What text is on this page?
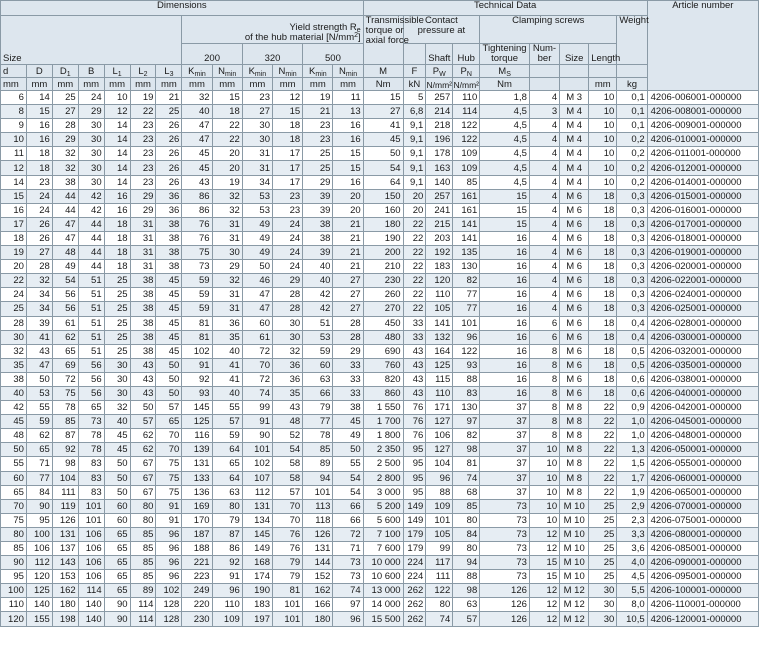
Dimensions													Technical Data									Article number
Size							Yield strength $R_e$
of the hub material $[N/mm^2]$						Transmissible
torque or
axial force	Contact
pressure at			Clamping screws				Weight	
							200		320		500				Shaft	Hub	Tightening
torque	Num-
ber	Size	Length		
d	D	$D_1$	B	$L_1$	$L_2$	$L_3$	$K_{min}$	$N_{min}$	$K_{min}$	$N_{min}$	$K_{min}$	$N_{min}$	M	F	$P_W$	$P_N$	$M_S$				
mm	mm	mm	mm	mm	mm	mm	mm	mm	mm	mm	mm	mm	Nm	kN	N/mm²	N/mm²	Nm			mm	kg	
6	14	25	24	10	19	21	32	15	23	12	19	11	15	5	257	110	1,8	4	M 3	10	0,1	4206-006001-000000
8	15	27	29	12	22	25	40	18	27	15	21	13	27	6,8	214	114	4,5	3	M 4	10	0,1	4206-008001-000000
9	16	28	30	14	23	26	47	22	30	18	23	16	41	9,1	218	122	4,5	4	M 4	10	0,1	4206-009001-000000
10	16	29	30	14	23	26	47	22	30	18	23	16	45	9,1	196	122	4,5	4	M 4	10	0,2	4206-010001-000000
11	18	32	30	14	23	26	45	20	31	17	25	15	50	9,1	178	109	4,5	4	M 4	10	0,2	4206-011001-000000
12	18	32	30	14	23	26	45	20	31	17	25	15	54	9,1	163	109	4,5	4	M 4	10	0,2	4206-012001-000000
14	23	38	30	14	23	26	43	19	34	17	29	16	64	9,1	140	85	4,5	4	M 4	10	0,2	4206-014001-000000
15	24	44	42	16	29	36	86	32	53	23	39	20	150	20	257	161	15	4	M 6	18	0,3	4206-015001-000000
16	24	44	42	16	29	36	86	32	53	23	39	20	160	20	241	161	15	4	M 6	18	0,3	4206-016001-000000
17	26	47	44	18	31	38	76	31	49	24	38	21	180	22	215	141	15	4	M 6	18	0,3	4206-017001-000000
18	26	47	44	18	31	38	76	31	49	24	38	21	190	22	203	141	16	4	M 6	18	0,3	4206-018001-000000
19	27	48	44	18	31	38	75	30	49	24	39	21	200	22	192	135	16	4	M 6	18	0,3	4206-019001-000000
20	28	49	44	18	31	38	73	29	50	24	40	21	210	22	183	130	16	4	M 6	18	0,3	4206-020001-000000
22	32	54	51	25	38	45	59	32	46	29	40	27	230	22	120	82	16	4	M 6	18	0,3	4206-022001-000000
24	34	56	51	25	38	45	59	31	47	28	42	27	260	22	110	77	16	4	M 6	18	0,3	4206-024001-000000
25	34	56	51	25	38	45	59	31	47	28	42	27	270	22	105	77	16	4	M 6	18	0,3	4206-025001-000000
28	39	61	51	25	38	45	81	36	60	30	51	28	450	33	141	101	16	6	M 6	18	0,4	4206-028001-000000
30	41	62	51	25	38	45	81	35	61	30	53	28	480	33	132	96	16	6	M 6	18	0,4	4206-030001-000000
32	43	65	51	25	38	45	102	40	72	32	59	29	690	43	164	122	16	8	M 6	18	0,5	4206-032001-000000
35	47	69	56	30	43	50	91	41	70	36	60	33	760	43	125	93	16	8	M 6	18	0,5	4206-035001-000000
38	50	72	56	30	43	50	92	41	72	36	63	33	820	43	115	88	16	8	M 6	18	0,6	4206-038001-000000
40	53	75	56	30	43	50	93	40	74	35	66	33	860	43	110	83	16	8	M 6	18	0,6	4206-040001-000000
42	55	78	65	32	50	57	145	55	99	43	79	38	1 550	76	171	130	37	8	M 8	22	0,9	4206-042001-000000
45	59	85	73	40	57	65	125	57	91	48	77	45	1 700	76	127	97	37	8	M 8	22	1,0	4206-045001-000000
48	62	87	78	45	62	70	116	59	90	52	78	49	1 800	76	106	82	37	8	M 8	22	1,0	4206-048001-000000
50	65	92	78	45	62	70	139	64	101	54	85	50	2 350	95	127	98	37	10	M 8	22	1,3	4206-050001-000000
55	71	98	83	50	67	75	131	65	102	58	89	55	2 500	95	104	81	37	10	M 8	22	1,5	4206-055001-000000
60	77	104	83	50	67	75	133	64	107	58	94	54	2 800	95	96	74	37	10	M 8	22	1,7	4206-060001-000000
65	84	111	83	50	67	75	136	63	112	57	101	54	3 000	95	88	68	37	10	M 8	22	1,9	4206-065001-000000
70	90	119	101	60	80	91	169	80	131	70	113	66	5 200	149	109	85	73	10	M 10	25	2,9	4206-070001-000000
75	95	126	101	60	80	91	170	79	134	70	118	66	5 600	149	101	80	73	10	M 10	25	2,3	4206-075001-000000
80	100	131	106	65	85	96	187	87	145	76	126	72	7 100	179	105	84	73	12	M 10	25	3,3	4206-080001-000000
85	106	137	106	65	85	96	188	86	149	76	131	71	7 600	179	99	80	73	12	M 10	25	3,6	4206-085001-000000
90	112	143	106	65	85	96	221	92	168	79	144	73	10 000	224	117	94	73	15	M 10	25	4,0	4206-090001-000000
95	120	153	106	65	85	96	223	91	174	79	152	73	10 600	224	111	88	73	15	M 10	25	4,5	4206-095001-000000
100	125	162	114	65	89	102	249	96	190	81	162	74	13 000	262	122	98	126	12	M 12	30	5,5	4206-100001-000000
110	140	180	140	90	114	128	220	110	183	101	166	97	14 000	262	80	63	126	12	M 12	30	8,0	4206-110001-000000
120	155	198	140	90	114	128	230	109	197	101	180	96	15 500	262	74	57	126	12	M 12	30	10,5	4206-120001-000000
